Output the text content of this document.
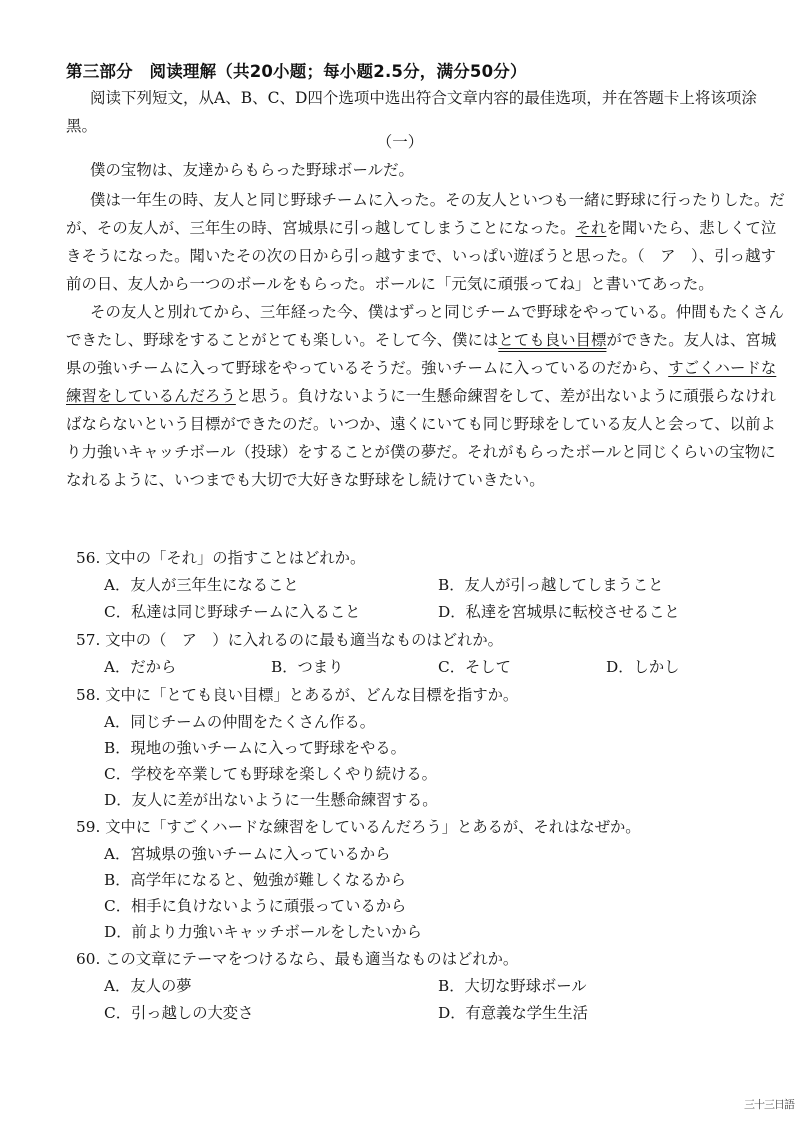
第三部分　阅读理解（共20小题；每小题2.5分，满分50分）

阅读下列短文，从A、B、C、D四个选项中选出符合文章内容的最佳选项，并在答题卡上将该项涂黑。

（一）

僕の宝物は、友達からもらった野球ボールだ。

僕は一年生の時、友人と同じ野球チームに入った。その友人といつも一緒に野球に行ったりした。だが、その友人が、三年生の時、宮城県に引っ越してしまうことになった。それを聞いたら、悲しくて泣きそうになった。聞いたその次の日から引っ越すまで、いっぱい遊ぼうと思った。（　ア　）、引っ越す前の日、友人から一つのボールをもらった。ボールに「元気に頑張ってね」と書いてあった。

その友人と別れてから、三年経った今、僕はずっと同じチームで野球をやっている。仲間もたくさんできたし、野球をすることがとても楽しい。そして今、僕にはとても良い目標ができた。友人は、宮城県の強いチームに入って野球をやっているそうだ。強いチームに入っているのだから、すごくハードな練習をしているんだろうと思う。負けないように一生懸命練習をして、差が出ないように頑張らなければならないという目標ができたのだ。いつか、遠くにいても同じ野球をしている友人と会って、以前より力強いキャッチボール（投球）をすることが僕の夢だ。それがもらったボールと同じくらいの宝物になれるように、いつまでも大切で大好きな野球をし続けていきたい。

56. 文中の「それ」の指すことはどれか。
A．友人が三年生になること	B．友人が引っ越してしまうこと
C．私達は同じ野球チームに入ること	D．私達を宮城県に転校させること
57. 文中の（　ア　）に入れるのに最も適当なものはどれか。
A．だから	B．つまり	C．そして	D．しかし
58. 文中に「とても良い目標」とあるが、どんな目標を指すか。
A．同じチームの仲間をたくさん作る。
B．現地の強いチームに入って野球をやる。
C．学校を卒業しても野球を楽しくやり続ける。
D．友人に差が出ないように一生懸命練習する。
59. 文中に「すごくハードな練習をしているんだろう」とあるが、それはなぜか。
A．宮城県の強いチームに入っているから
B．高学年になると、勉強が難しくなるから
C．相手に負けないように頑張っているから
D．前より力強いキャッチボールをしたいから
60. この文章にテーマをつけるなら、最も適当なものはどれか。
A．友人の夢	B．大切な野球ボール
C．引っ越しの大変さ	D．有意義な学生生活
三十三日語
